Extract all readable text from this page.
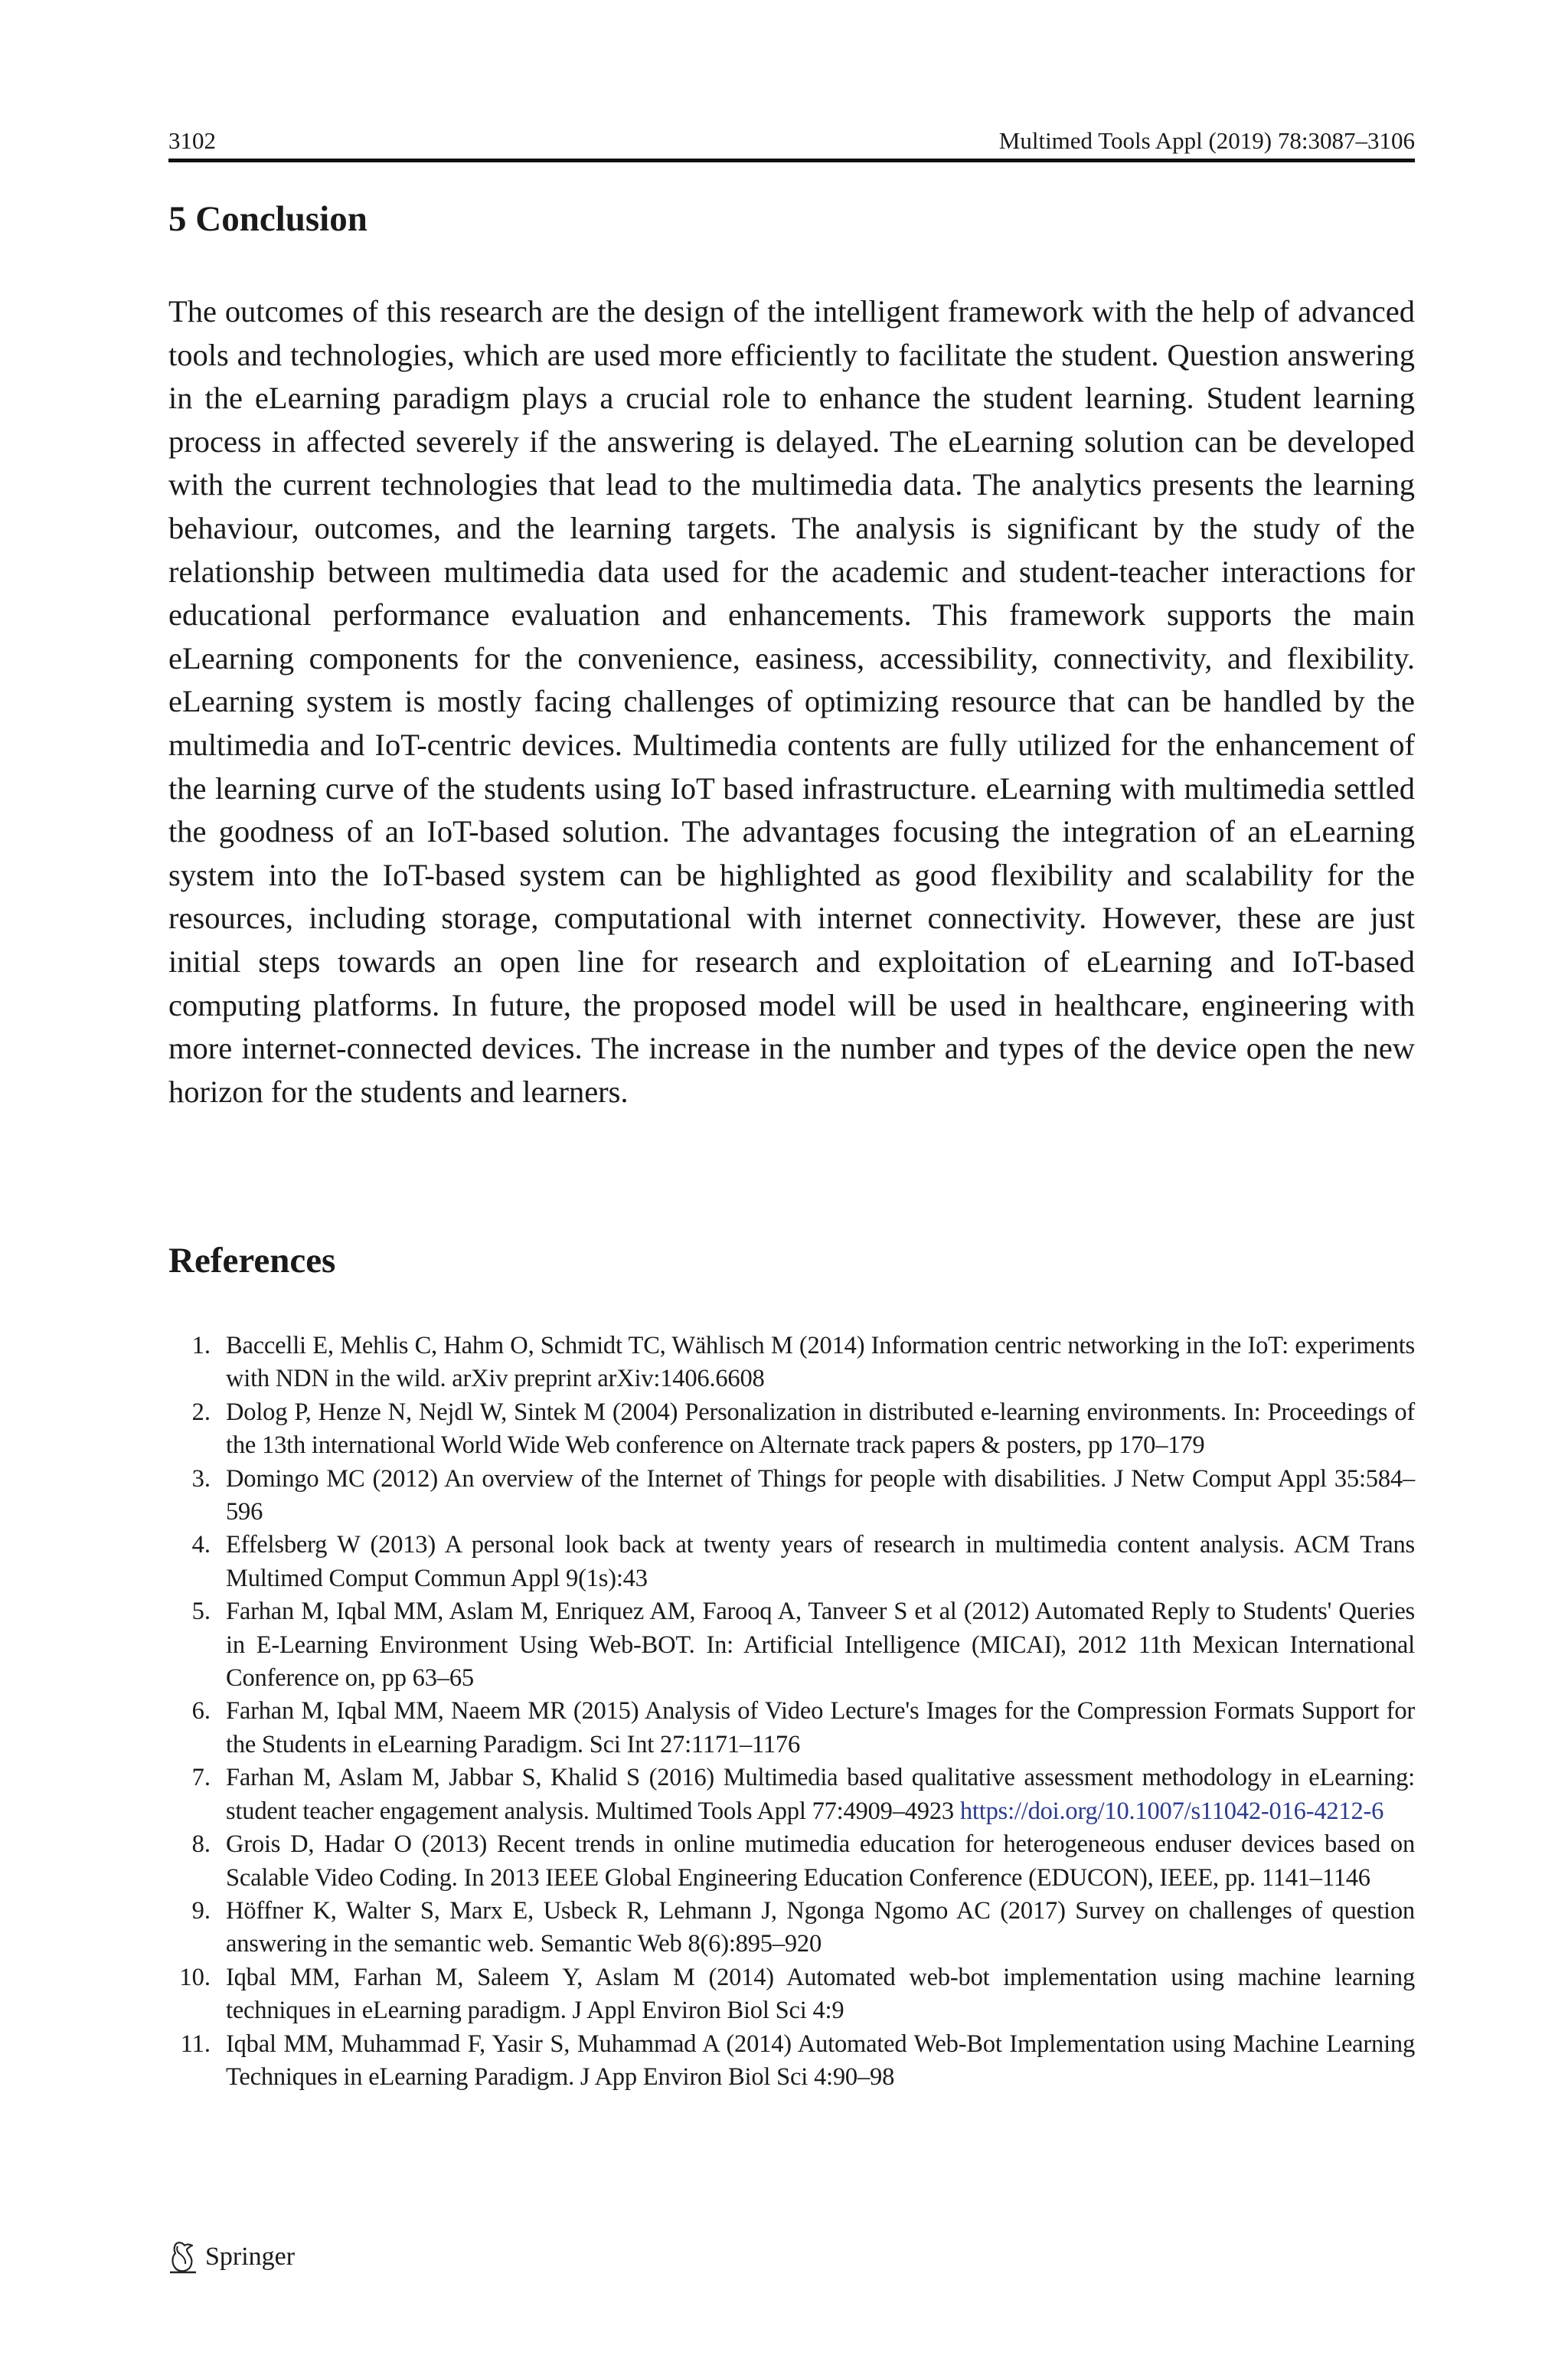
3102	Multimed Tools Appl (2019) 78:3087–3106
5 Conclusion

The outcomes of this research are the design of the intelligent framework with the help of advanced tools and technologies, which are used more efficiently to facilitate the student. Question answering in the eLearning paradigm plays a crucial role to enhance the student learning. Student learning process in affected severely if the answering is delayed. The eLearning solution can be developed with the current technologies that lead to the multimedia data. The analytics presents the learning behaviour, outcomes, and the learning targets. The analysis is significant by the study of the relationship between multimedia data used for the academic and student-teacher interactions for educational performance evaluation and enhancements. This framework supports the main eLearning components for the convenience, easiness, accessibility, connectivity, and flexibility. eLearning system is mostly facing challenges of optimizing resource that can be handled by the multimedia and IoT-centric devices. Multimedia contents are fully utilized for the enhancement of the learning curve of the students using IoT based infrastructure. eLearning with multimedia settled the goodness of an IoT-based solution. The advantages focusing the integration of an eLearning system into the IoT-based system can be highlighted as good flexibility and scalability for the resources, including storage, computational with internet connectivity. However, these are just initial steps towards an open line for research and exploitation of eLearning and IoT-based computing platforms. In future, the proposed model will be used in healthcare, engineering with more internet-connected devices. The increase in the number and types of the device open the new horizon for the students and learners.

References
1. Baccelli E, Mehlis C, Hahm O, Schmidt TC, Wählisch M (2014) Information centric networking in the IoT: experiments with NDN in the wild. arXiv preprint arXiv:1406.6608
2. Dolog P, Henze N, Nejdl W, Sintek M (2004) Personalization in distributed e-learning environments. In: Proceedings of the 13th international World Wide Web conference on Alternate track papers & posters, pp 170–179
3. Domingo MC (2012) An overview of the Internet of Things for people with disabilities. J Netw Comput Appl 35:584–596
4. Effelsberg W (2013) A personal look back at twenty years of research in multimedia content analysis. ACM Trans Multimed Comput Commun Appl 9(1s):43
5. Farhan M, Iqbal MM, Aslam M, Enriquez AM, Farooq A, Tanveer S et al (2012) Automated Reply to Students' Queries in E-Learning Environment Using Web-BOT. In: Artificial Intelligence (MICAI), 2012 11th Mexican International Conference on, pp 63–65
6. Farhan M, Iqbal MM, Naeem MR (2015) Analysis of Video Lecture's Images for the Compression Formats Support for the Students in eLearning Paradigm. Sci Int 27:1171–1176
7. Farhan M, Aslam M, Jabbar S, Khalid S (2016) Multimedia based qualitative assessment methodology in eLearning: student teacher engagement analysis. Multimed Tools Appl 77:4909–4923 https://doi.org/10.1007/s11042-016-4212-6
8. Grois D, Hadar O (2013) Recent trends in online mutimedia education for heterogeneous enduser devices based on Scalable Video Coding. In 2013 IEEE Global Engineering Education Conference (EDUCON), IEEE, pp. 1141–1146
9. Höffner K, Walter S, Marx E, Usbeck R, Lehmann J, Ngonga Ngomo AC (2017) Survey on challenges of question answering in the semantic web. Semantic Web 8(6):895–920
10. Iqbal MM, Farhan M, Saleem Y, Aslam M (2014) Automated web-bot implementation using machine learning techniques in eLearning paradigm. J Appl Environ Biol Sci 4:9
11. Iqbal MM, Muhammad F, Yasir S, Muhammad A (2014) Automated Web-Bot Implementation using Machine Learning Techniques in eLearning Paradigm. J App Environ Biol Sci 4:90–98
Springer
